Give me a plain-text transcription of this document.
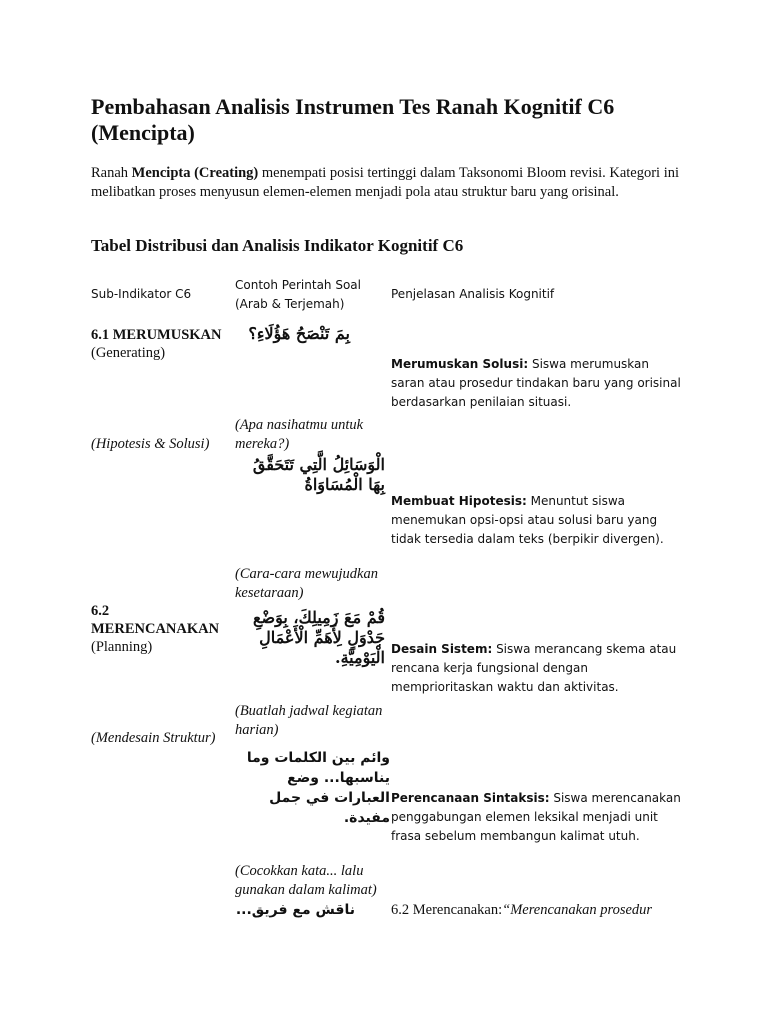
Pembahasan Analisis Instrumen Tes Ranah Kognitif C6 (Mencipta)

Ranah Mencipta (Creating) menempati posisi tertinggi dalam Taksonomi Bloom revisi. Kategori ini melibatkan proses menyusun elemen-elemen menjadi pola atau struktur baru yang orisinal.

Tabel Distribusi dan Analisis Indikator Kognitif C6
Sub-Indikator C6
Contoh Perintah Soal (Arab & Terjemah)
Penjelasan Analisis Kognitif
6.1 MERUMUSKAN
(Generating)
(Hipotesis & Solusi)
6.2 MERENCANAKAN
(Planning)
(Mendesain Struktur)
بِمَ تَنْصَحُ هَؤُلَاءِ؟
(Apa nasihatmu untuk mereka?)
الْوَسَائِلُ الَّتِي تَتَحَقَّقُ بِهَا الْمُسَاوَاةُ
(Cara-cara mewujudkan kesetaraan)
قُمْ مَعَ زَمِيلِكَ، بِوَضْعِ جَدْوَلٍ لِأَهَمِّ الْأَعْمَالِ الْيَوْمِيَّةِ.
(Buatlah jadwal kegiatan harian)
وائم بين الكلمات وما يناسبها... وضع العبارات في جمل مفيدة.
(Cocokkan kata... lalu gunakan dalam kalimat)
ناقش مع فريق...
Merumuskan Solusi: Siswa merumuskan saran atau prosedur tindakan baru yang orisinal berdasarkan penilaian situasi.
Membuat Hipotesis: Menuntut siswa menemukan opsi-opsi atau solusi baru yang tidak tersedia dalam teks (berpikir divergen).
Desain Sistem: Siswa merancang skema atau rencana kerja fungsional dengan memprioritaskan waktu dan aktivitas.
Perencanaan Sintaksis: Siswa merencanakan penggabungan elemen leksikal menjadi unit frasa sebelum membangun kalimat utuh.
6.2 Merencanakan:“Merencanakan prosedur
